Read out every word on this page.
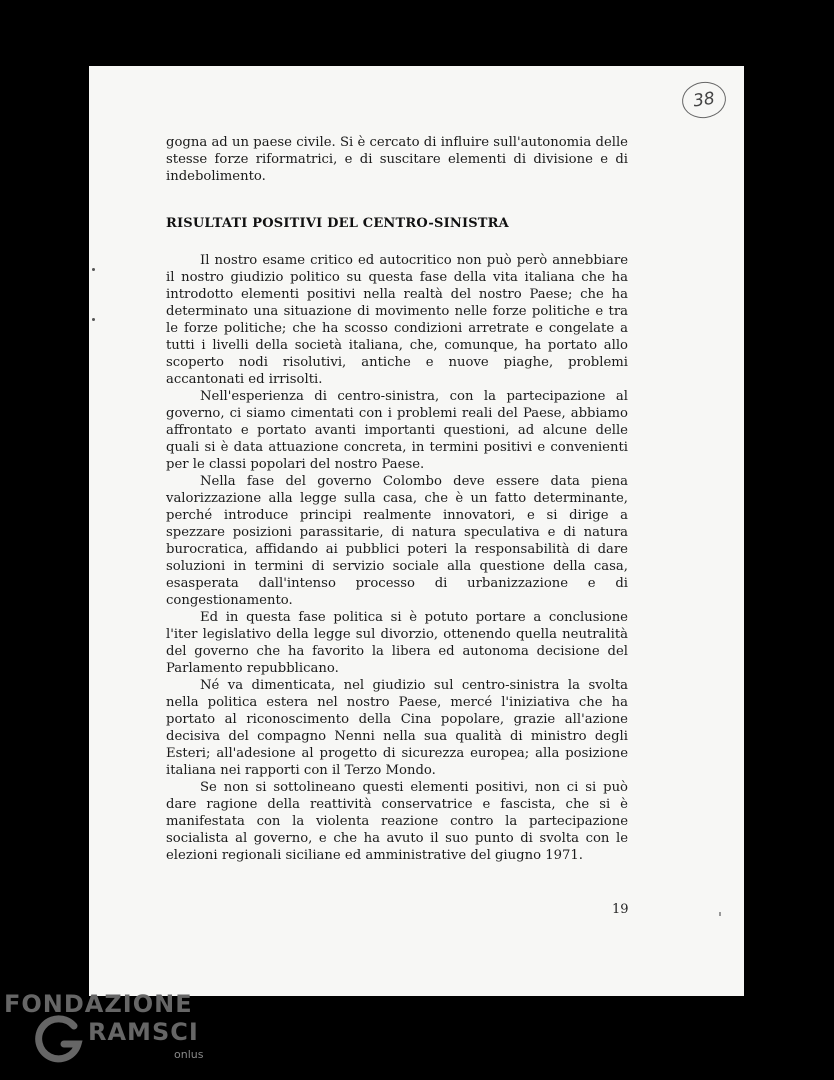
38

gogna ad un paese civile. Si è cercato di influire sull'autonomia delle stesse forze riformatrici, e di suscitare elementi di divisione e di indebolimento.

RISULTATI POSITIVI DEL CENTRO-SINISTRA

Il nostro esame critico ed autocritico non può però annebbiare il nostro giudizio politico su questa fase della vita italiana che ha introdotto elementi positivi nella realtà del nostro Paese; che ha determinato una situazione di movimento nelle forze politiche e tra le forze politiche; che ha scosso condizioni arretrate e congelate a tutti i livelli della società italiana, che, comunque, ha portato allo scoperto nodi risolutivi, antiche e nuove piaghe, problemi accantonati ed irrisolti.

Nell'esperienza di centro-sinistra, con la partecipazione al governo, ci siamo cimentati con i problemi reali del Paese, abbiamo affrontato e portato avanti importanti questioni, ad alcune delle quali si è data attuazione concreta, in termini positivi e convenienti per le classi popolari del nostro Paese.

Nella fase del governo Colombo deve essere data piena valorizzazione alla legge sulla casa, che è un fatto determinante, perché introduce principi realmente innovatori, e si dirige a spezzare posizioni parassitarie, di natura speculativa e di natura burocratica, affidando ai pubblici poteri la responsabilità di dare soluzioni in termini di servizio sociale alla questione della casa, esasperata dall'intenso processo di urbanizzazione e di congestionamento.

Ed in questa fase politica si è potuto portare a conclusione l'iter legislativo della legge sul divorzio, ottenendo quella neutralità del governo che ha favorito la libera ed autonoma decisione del Parlamento repubblicano.

Né va dimenticata, nel giudizio sul centro-sinistra la svolta nella politica estera nel nostro Paese, mercé l'iniziativa che ha portato al riconoscimento della Cina popolare, grazie all'azione decisiva del compagno Nenni nella sua qualità di ministro degli Esteri; all'adesione al progetto di sicurezza europea; alla posizione italiana nei rapporti con il Terzo Mondo.

Se non si sottolineano questi elementi positivi, non ci si può dare ragione della reattività conservatrice e fascista, che si è manifestata con la violenta reazione contro la partecipazione socialista al governo, e che ha avuto il suo punto di svolta con le elezioni regionali siciliane ed amministrative del giugno 1971.

19
FONDAZIONE
RAMSCI
onlus
